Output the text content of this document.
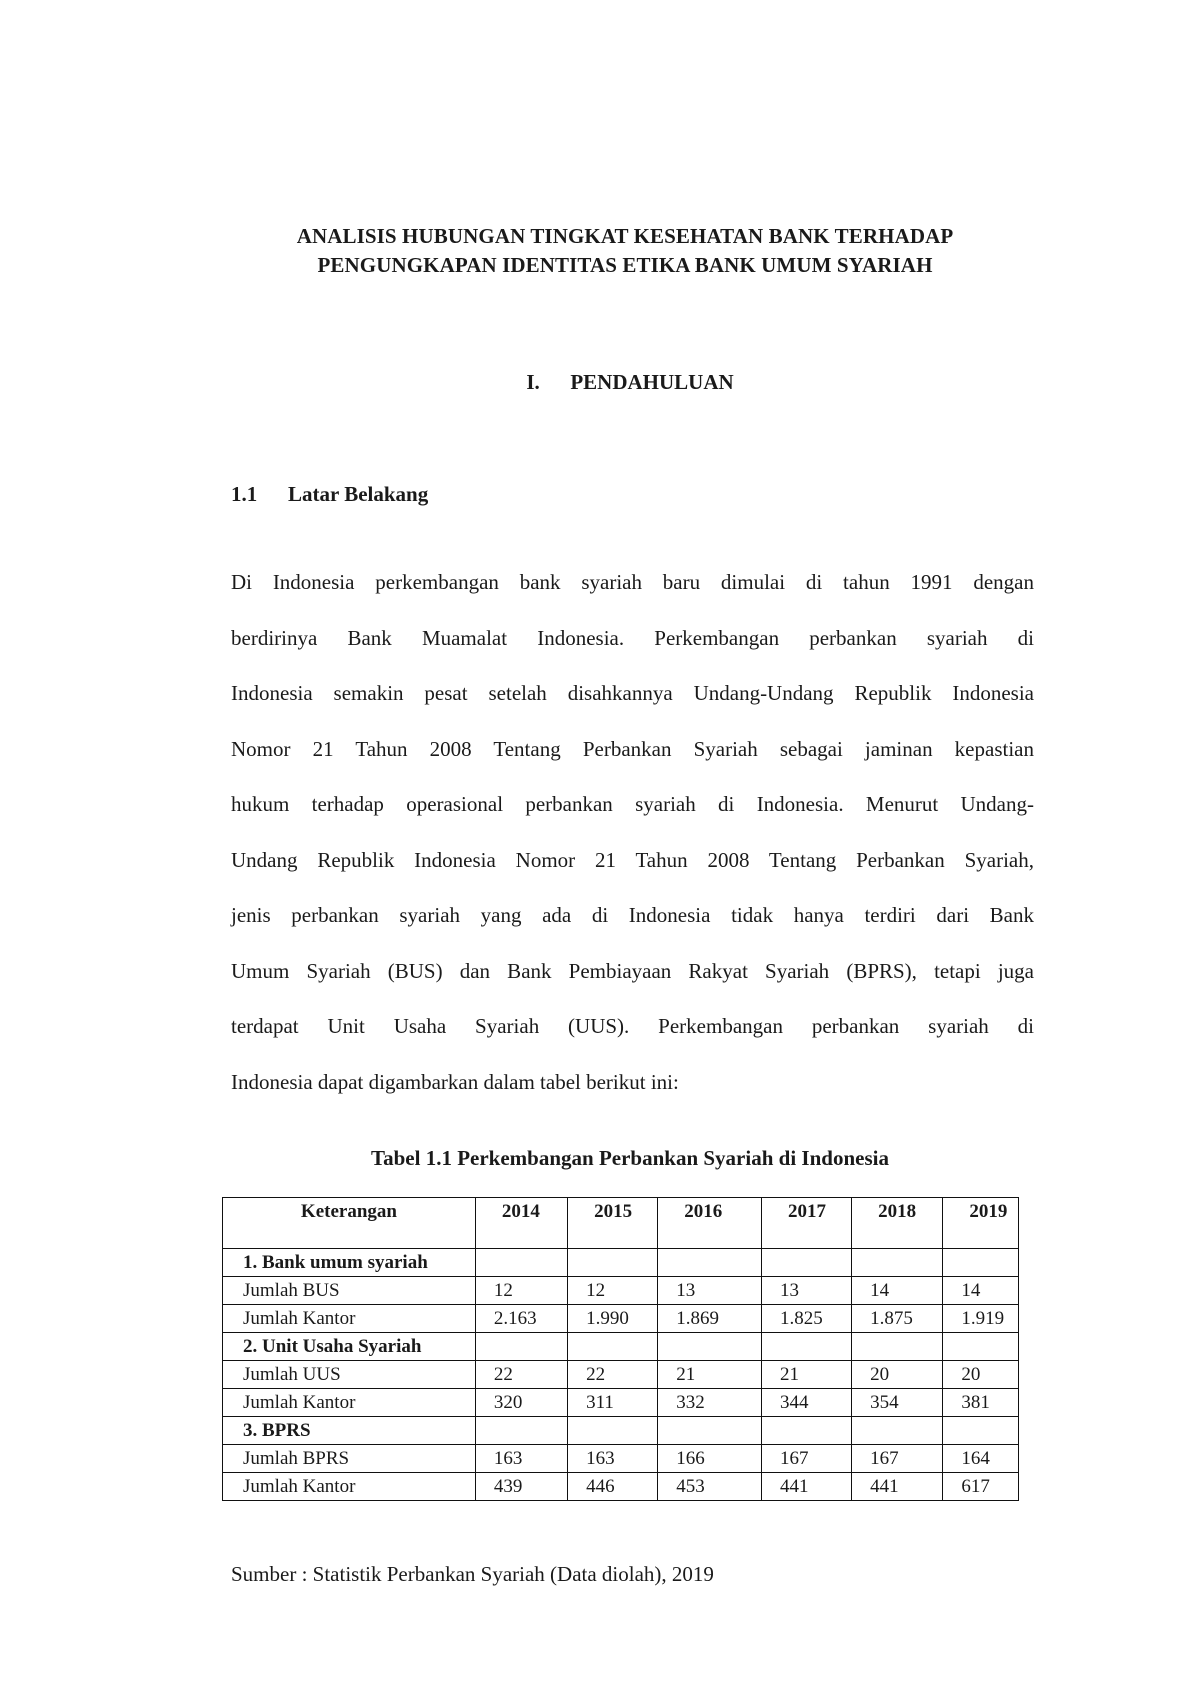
ANALISIS HUBUNGAN TINGKAT KESEHATAN BANK TERHADAP
PENGUNGKAPAN IDENTITAS ETIKA BANK UMUM SYARIAH
I. PENDAHULUAN
1.1 Latar Belakang
Di Indonesia perkembangan bank syariah baru dimulai di tahun 1991 dengan
berdirinya Bank Muamalat Indonesia. Perkembangan perbankan syariah di
Indonesia semakin pesat setelah disahkannya Undang-Undang Republik Indonesia
Nomor 21 Tahun 2008 Tentang Perbankan Syariah sebagai jaminan kepastian
hukum terhadap operasional perbankan syariah di Indonesia. Menurut Undang-
Undang Republik Indonesia Nomor 21 Tahun 2008 Tentang Perbankan Syariah,
jenis perbankan syariah yang ada di Indonesia tidak hanya terdiri dari Bank
Umum Syariah (BUS) dan Bank Pembiayaan Rakyat Syariah (BPRS), tetapi juga
terdapat Unit Usaha Syariah (UUS). Perkembangan perbankan syariah di
Indonesia dapat digambarkan dalam tabel berikut ini:
Tabel 1.1 Perkembangan Perbankan Syariah di Indonesia
Keterangan	2014	2015	2016	2017	2018	2019
1. Bank umum syariah						
Jumlah BUS	12	12	13	13	14	14
Jumlah Kantor	2.163	1.990	1.869	1.825	1.875	1.919
2. Unit Usaha Syariah						
Jumlah UUS	22	22	21	21	20	20
Jumlah Kantor	320	311	332	344	354	381
3. BPRS						
Jumlah BPRS	163	163	166	167	167	164
Jumlah Kantor	439	446	453	441	441	617
Sumber : Statistik Perbankan Syariah (Data diolah), 2019
